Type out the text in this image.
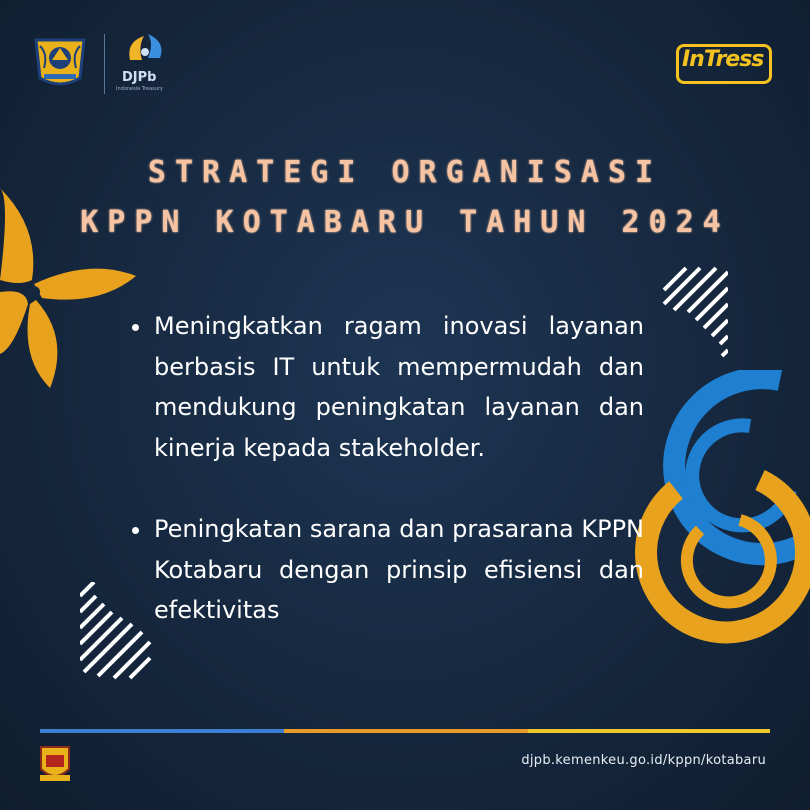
DJPb
Indonesia Treasury
InTress
STRATEGI ORGANISASI
KPPN KOTABARU TAHUN 2024
Meningkatkan ragam inovasi layanan berbasis IT untuk mempermudah dan mendukung peningkatan layanan dan kinerja kepada stakeholder.
Peningkatan sarana dan prasarana KPPN Kotabaru dengan prinsip efisiensi dan efektivitas
djpb.kemenkeu.go.id/kppn/kotabaru
